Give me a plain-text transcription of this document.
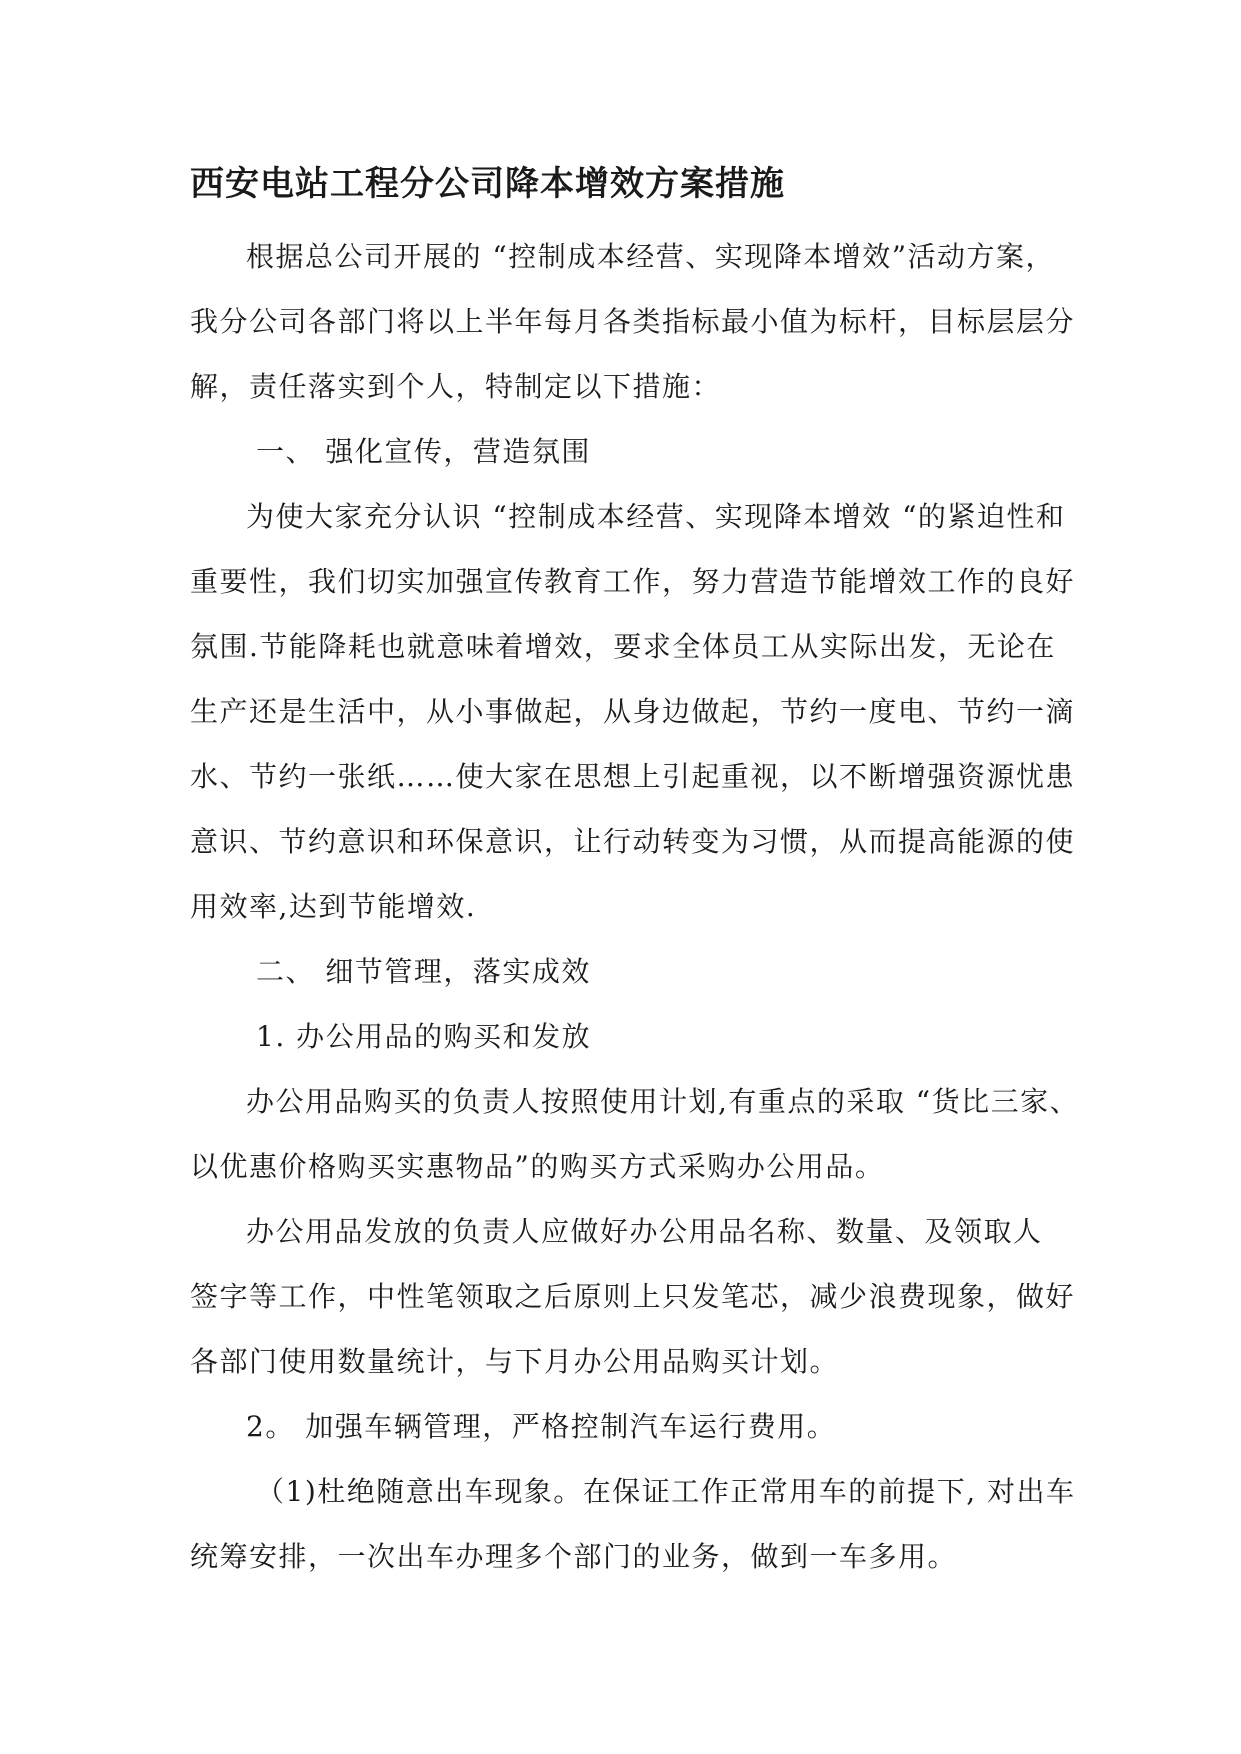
西安电站工程分公司降本增效方案措施
根据总公司开展的 “控制成本经营、实现降本增效”活动方案，
我分公司各部门将以上半年每月各类指标最小值为标杆，目标层层分
解，责任落实到个人，特制定以下措施：
一、 强化宣传，营造氛围
为使大家充分认识 “控制成本经营、实现降本增效 “的紧迫性和
重要性，我们切实加强宣传教育工作，努力营造节能增效工作的良好
氛围.节能降耗也就意味着增效，要求全体员工从实际出发，无论在
生产还是生活中，从小事做起，从身边做起，节约一度电、节约一滴
水、节约一张纸……使大家在思想上引起重视，以不断增强资源忧患
意识、节约意识和环保意识，让行动转变为习惯，从而提高能源的使
用效率,达到节能增效.
二、 细节管理，落实成效
1. 办公用品的购买和发放
办公用品购买的负责人按照使用计划,有重点的采取 “货比三家、
以优惠价格购买实惠物品”的购买方式采购办公用品。
办公用品发放的负责人应做好办公用品名称、数量、及领取人
签字等工作，中性笔领取之后原则上只发笔芯，减少浪费现象，做好
各部门使用数量统计，与下月办公用品购买计划。
2。 加强车辆管理，严格控制汽车运行费用。
（1)杜绝随意出车现象。在保证工作正常用车的前提下, 对出车
统筹安排，一次出车办理多个部门的业务，做到一车多用。
